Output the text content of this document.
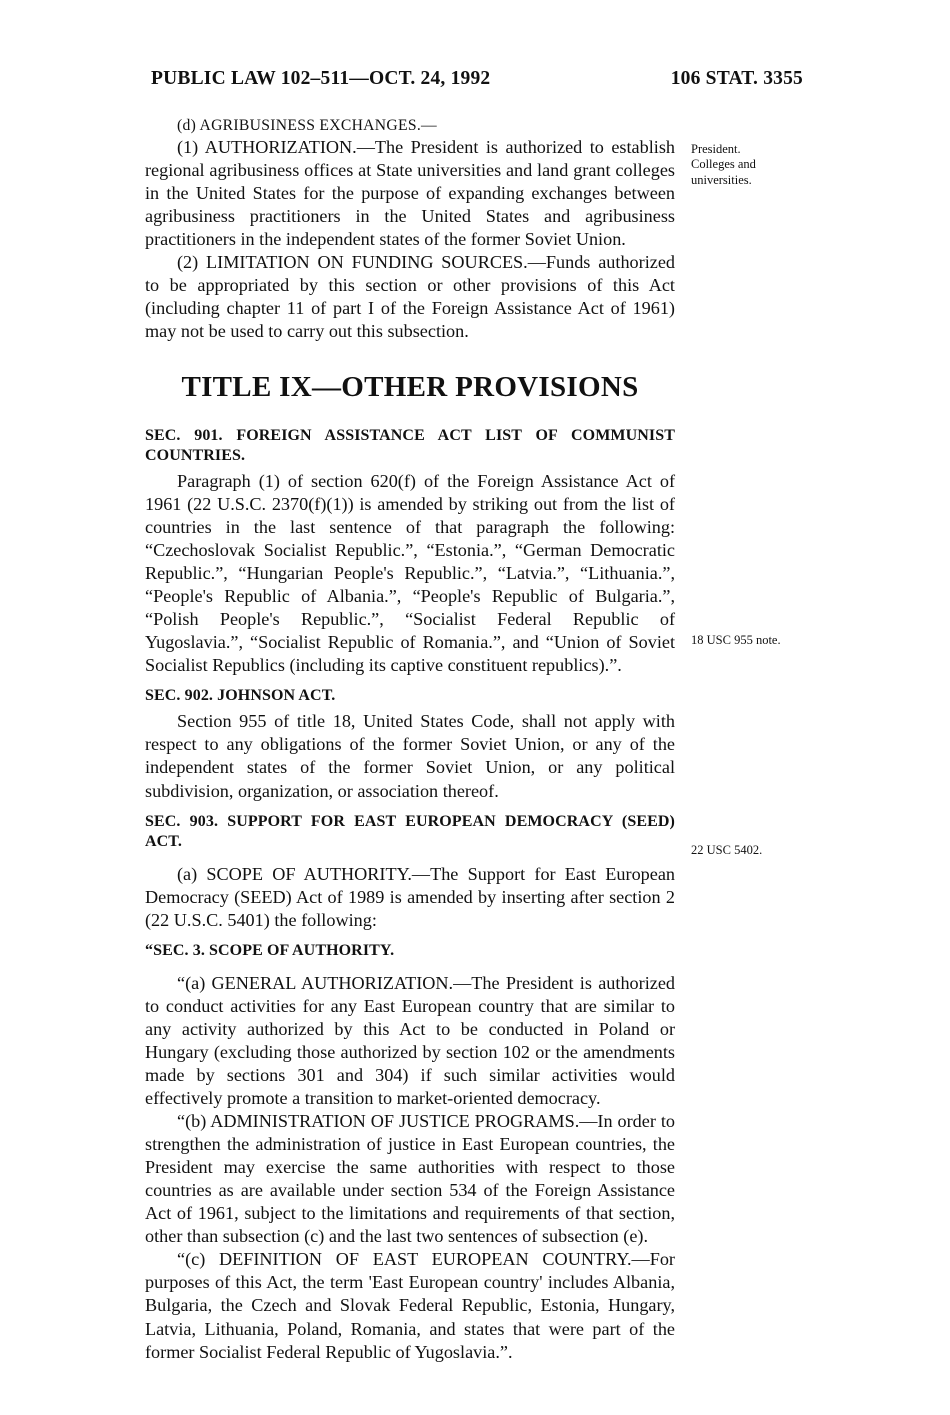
PUBLIC LAW 102–511—OCT. 24, 1992	106 STAT. 3355
President.
Colleges and
universities.
18 USC 955 note.
22 USC 5402.

(d) AGRIBUSINESS EXCHANGES.—

(1) AUTHORIZATION.—The President is authorized to establish regional agribusiness offices at State universities and land grant colleges in the United States for the purpose of expanding exchanges between agribusiness practitioners in the United States and agribusiness practitioners in the independent states of the former Soviet Union.

(2) LIMITATION ON FUNDING SOURCES.—Funds authorized to be appropriated by this section or other provisions of this Act (including chapter 11 of part I of the Foreign Assistance Act of 1961) may not be used to carry out this subsection.

TITLE IX—OTHER PROVISIONS
SEC. 901. FOREIGN ASSISTANCE ACT LIST OF COMMUNIST COUNTRIES.

Paragraph (1) of section 620(f) of the Foreign Assistance Act of 1961 (22 U.S.C. 2370(f)(1)) is amended by striking out from the list of countries in the last sentence of that paragraph the following: “Czechoslovak Socialist Republic.”, “Estonia.”, “German Democratic Republic.”, “Hungarian People's Republic.”, “Latvia.”, “Lithuania.”, “People's Republic of Albania.”, “People's Republic of Bulgaria.”, “Polish People's Republic.”, “Socialist Federal Republic of Yugoslavia.”, “Socialist Republic of Romania.”, and “Union of Soviet Socialist Republics (including its captive constituent republics).”.

SEC. 902. JOHNSON ACT.

Section 955 of title 18, United States Code, shall not apply with respect to any obligations of the former Soviet Union, or any of the independent states of the former Soviet Union, or any political subdivision, organization, or association thereof.

SEC. 903. SUPPORT FOR EAST EUROPEAN DEMOCRACY (SEED) ACT.

(a) SCOPE OF AUTHORITY.—The Support for East European Democracy (SEED) Act of 1989 is amended by inserting after section 2 (22 U.S.C. 5401) the following:

“SEC. 3. SCOPE OF AUTHORITY.

“(a) GENERAL AUTHORIZATION.—The President is authorized to conduct activities for any East European country that are similar to any activity authorized by this Act to be conducted in Poland or Hungary (excluding those authorized by section 102 or the amendments made by sections 301 and 304) if such similar activities would effectively promote a transition to market-oriented democracy.

“(b) ADMINISTRATION OF JUSTICE PROGRAMS.—In order to strengthen the administration of justice in East European countries, the President may exercise the same authorities with respect to those countries as are available under section 534 of the Foreign Assistance Act of 1961, subject to the limitations and requirements of that section, other than subsection (c) and the last two sentences of subsection (e).

“(c) DEFINITION OF EAST EUROPEAN COUNTRY.—For purposes of this Act, the term 'East European country' includes Albania, Bulgaria, the Czech and Slovak Federal Republic, Estonia, Hungary, Latvia, Lithuania, Poland, Romania, and states that were part of the former Socialist Federal Republic of Yugoslavia.”.
